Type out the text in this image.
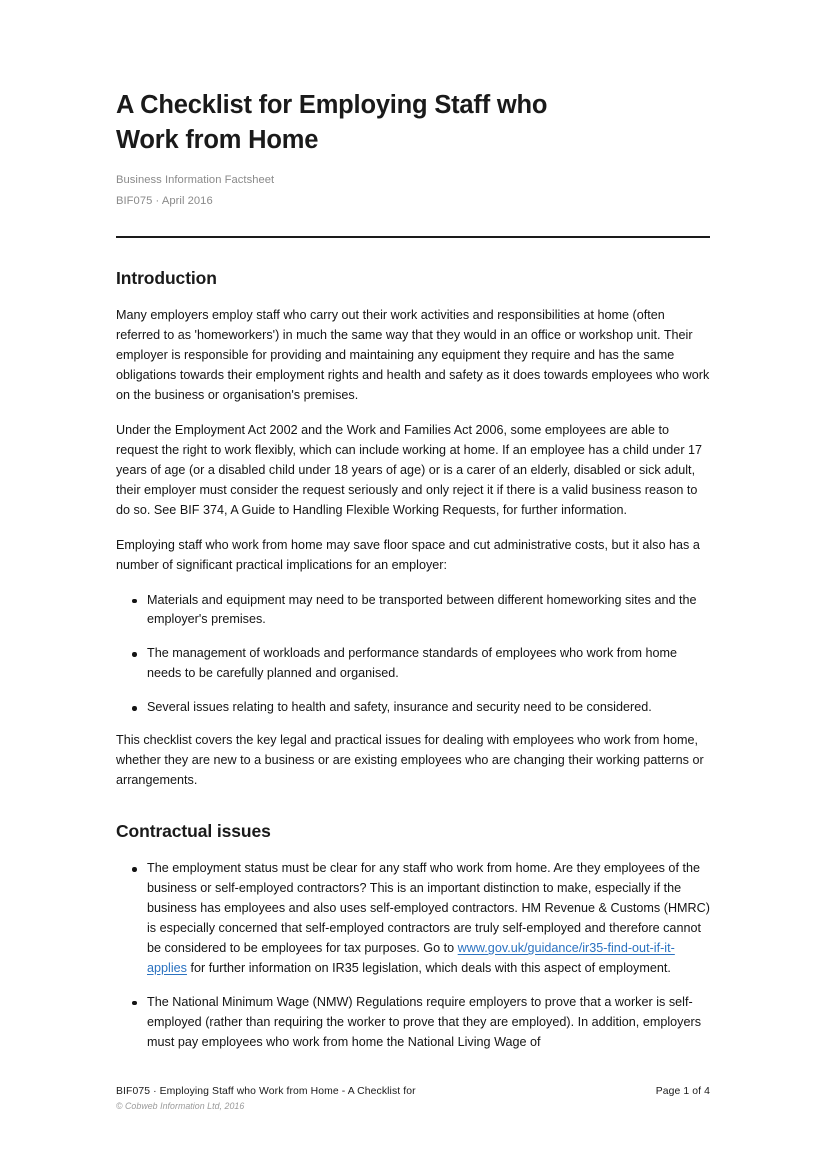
A Checklist for Employing Staff who Work from Home
Business Information Factsheet
BIF075 · April 2016
Introduction

Many employers employ staff who carry out their work activities and responsibilities at home (often referred to as 'homeworkers') in much the same way that they would in an office or workshop unit. Their employer is responsible for providing and maintaining any equipment they require and has the same obligations towards their employment rights and health and safety as it does towards employees who work on the business or organisation's premises.

Under the Employment Act 2002 and the Work and Families Act 2006, some employees are able to request the right to work flexibly, which can include working at home. If an employee has a child under 17 years of age (or a disabled child under 18 years of age) or is a carer of an elderly, disabled or sick adult, their employer must consider the request seriously and only reject it if there is a valid business reason to do so. See BIF 374, A Guide to Handling Flexible Working Requests, for further information.

Employing staff who work from home may save floor space and cut administrative costs, but it also has a number of significant practical implications for an employer:

Materials and equipment may need to be transported between different homeworking sites and the employer's premises.
The management of workloads and performance standards of employees who work from home needs to be carefully planned and organised.
Several issues relating to health and safety, insurance and security need to be considered.

This checklist covers the key legal and practical issues for dealing with employees who work from home, whether they are new to a business or are existing employees who are changing their working patterns or arrangements.

Contractual issues
The employment status must be clear for any staff who work from home. Are they employees of the business or self-employed contractors? This is an important distinction to make, especially if the business has employees and also uses self-employed contractors. HM Revenue & Customs (HMRC) is especially concerned that self-employed contractors are truly self-employed and therefore cannot be considered to be employees for tax purposes. Go to www.gov.uk/guidance/ir35-find-out-if-it-applies for further information on IR35 legislation, which deals with this aspect of employment.
The National Minimum Wage (NMW) Regulations require employers to prove that a worker is self-employed (rather than requiring the worker to prove that they are employed). In addition, employers must pay employees who work from home the National Living Wage of
BIF075 · Employing Staff who Work from Home - A Checklist for	Page 1 of 4
© Cobweb Information Ltd, 2016
